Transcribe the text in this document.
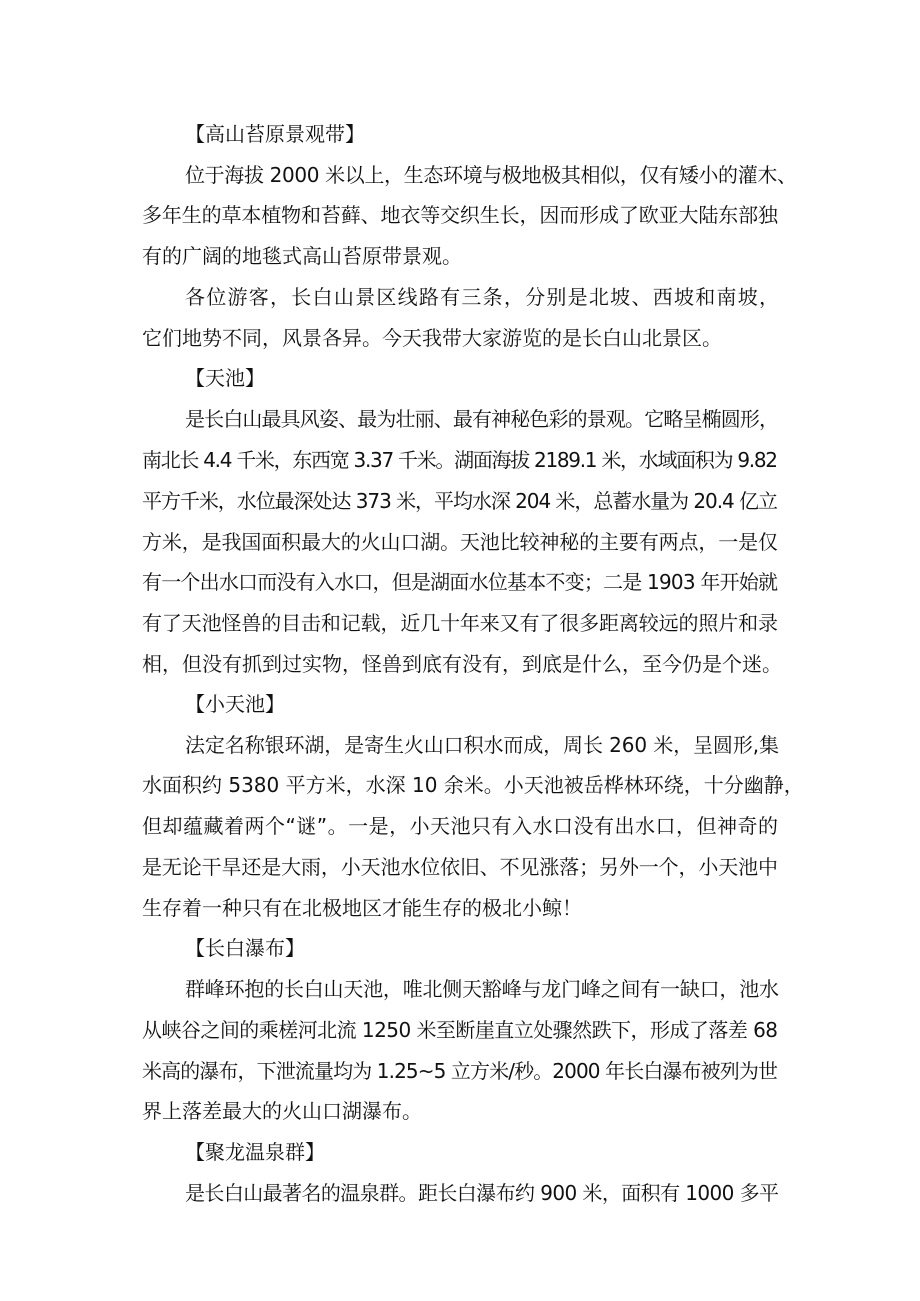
【高山苔原景观带】
位于海拔 2000 米以上，生态环境与极地极其相似，仅有矮小的灌木、
多年生的草本植物和苔藓、地衣等交织生长，因而形成了欧亚大陆东部独
有的广阔的地毯式高山苔原带景观。
各位游客，长白山景区线路有三条，分别是北坡、西坡和南坡，
它们地势不同，风景各异。今天我带大家游览的是长白山北景区。
【天池】
是长白山最具风姿、最为壮丽、最有神秘色彩的景观。它略呈椭圆形，
南北长 4.4 千米，东西宽 3.37 千米。湖面海拔 2189.1 米，水域面积为 9.82
平方千米，水位最深处达 373 米，平均水深 204 米，总蓄水量为 20.4 亿立
方米，是我国面积最大的火山口湖。天池比较神秘的主要有两点，一是仅
有一个出水口而没有入水口，但是湖面水位基本不变；二是 1903 年开始就
有了天池怪兽的目击和记载，近几十年来又有了很多距离较远的照片和录
相，但没有抓到过实物，怪兽到底有没有，到底是什么，至今仍是个迷。
【小天池】
法定名称银环湖，是寄生火山口积水而成，周长 260 米，呈圆形,集
水面积约 5380 平方米，水深 10 余米。小天池被岳桦林环绕，十分幽静，
但却蕴藏着两个“谜”。一是，小天池只有入水口没有出水口，但神奇的
是无论干旱还是大雨，小天池水位依旧、不见涨落；另外一个，小天池中
生存着一种只有在北极地区才能生存的极北小鲸！
【长白瀑布】
群峰环抱的长白山天池，唯北侧天豁峰与龙门峰之间有一缺口，池水
从峡谷之间的乘槎河北流 1250 米至断崖直立处骤然跌下，形成了落差 68
米高的瀑布，下泄流量均为 1.25~5 立方米/秒。2000 年长白瀑布被列为世
界上落差最大的火山口湖瀑布。
【聚龙温泉群】
是长白山最著名的温泉群。距长白瀑布约 900 米，面积有 1000 多平
